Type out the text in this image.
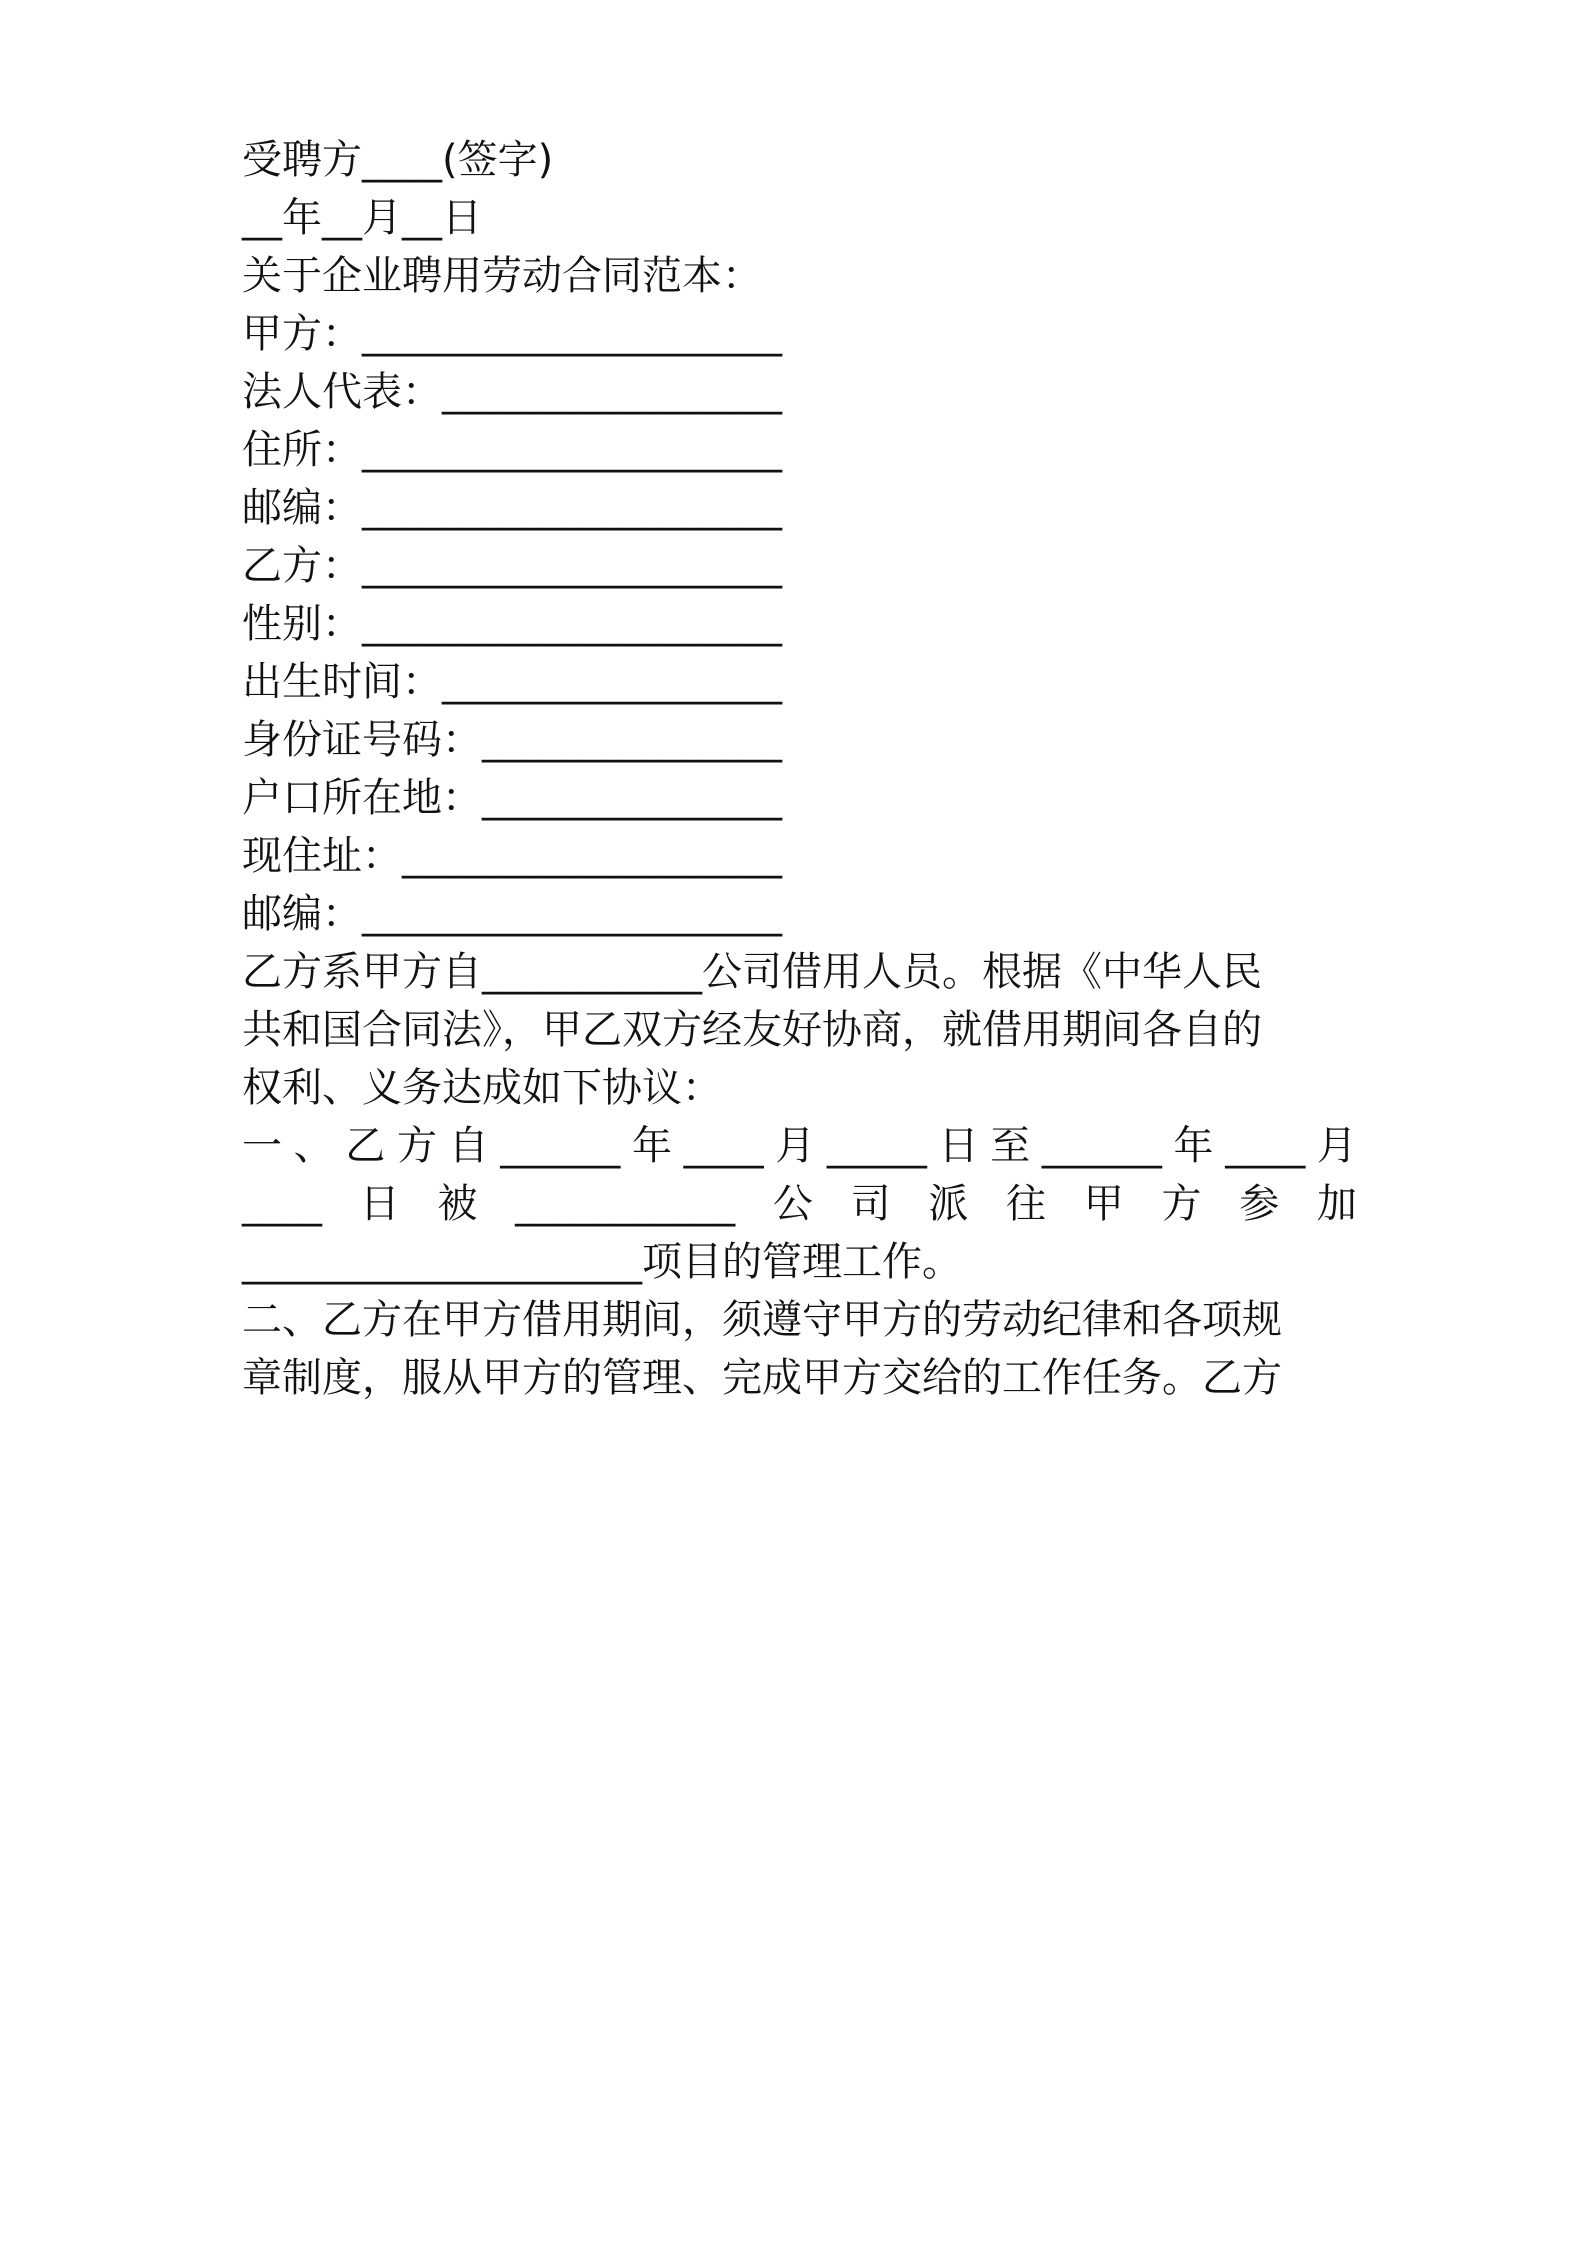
受聘方____(签字)

__年__月__日

关于企业聘用劳动合同范本：

甲方：_____________________

法人代表：_________________

住所：_____________________

邮编：_____________________

乙方：_____________________

性别：_____________________

出生时间：_________________

身份证号码：_______________

户口所在地：_______________

现住址：___________________

邮编：_____________________

乙方系甲方自___________公司借用人员。根据《中华人民

共和国合同法》，甲乙双方经友好协商，就借用期间各自的

权利、义务达成如下协议：

一 、 乙 方 自 ______ 年 ____ 月 _____ 日 至 ______ 年 ____ 月
____ 日 被 ___________ 公 司 派 往 甲 方 参 加

____________________项目的管理工作。

二、乙方在甲方借用期间，须遵守甲方的劳动纪律和各项规

章制度，服从甲方的管理、完成甲方交给的工作任务。乙方
